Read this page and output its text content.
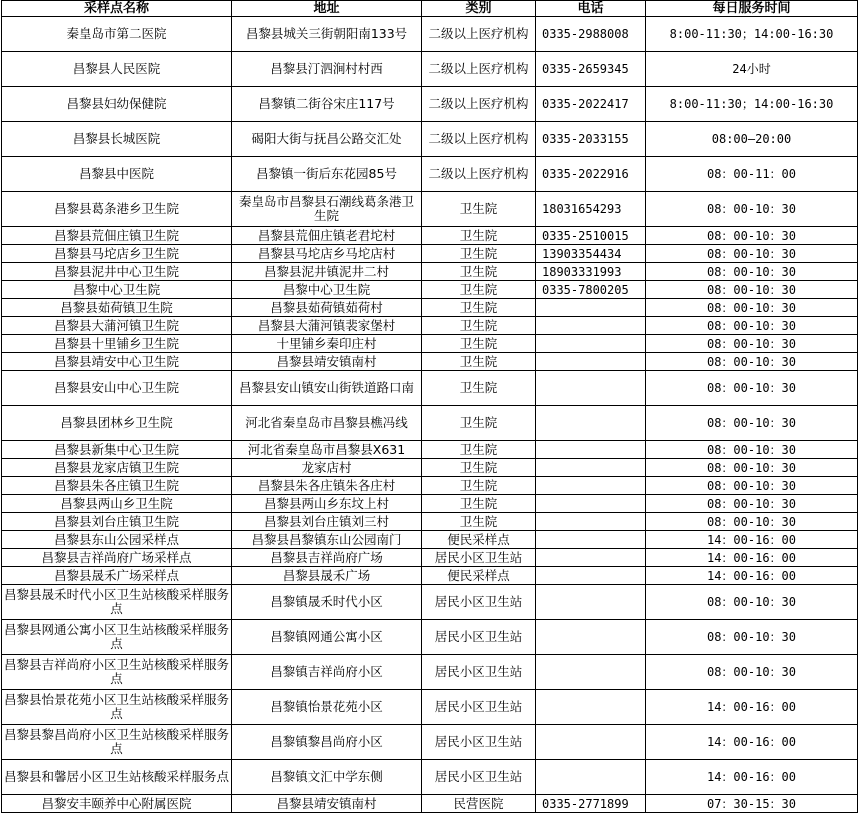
采样点名称	地址	类别	电话	每日服务时间
秦皇岛市第二医院	昌黎县城关三街朝阳南133号	二级以上医疗机构	0335-2988008	8:00-11:30；14:00-16:30
昌黎县人民医院	昌黎县汀泗涧村村西	二级以上医疗机构	0335-2659345	24小时
昌黎县妇幼保健院	昌黎镇二街谷宋庄117号	二级以上医疗机构	0335-2022417	8:00-11:30；14:00-16:30
昌黎县长城医院	碣阳大街与抚昌公路交汇处	二级以上医疗机构	0335-2033155	08:00—20:00
昌黎县中医院	昌黎镇一街后东花园85号	二级以上医疗机构	0335-2022916	08：00-11：00
昌黎县葛条港乡卫生院	秦皇岛市昌黎县石潮线葛条港卫生院	卫生院	18031654293	08：00-10：30
昌黎县荒佃庄镇卫生院	昌黎县荒佃庄镇老君坨村	卫生院	0335-2510015	08：00-10：30
昌黎县马坨店乡卫生院	昌黎县马坨店乡马坨店村	卫生院	13903354434	08：00-10：30
昌黎县泥井中心卫生院	昌黎县泥井镇泥井二村	卫生院	18903331993	08：00-10：30
昌黎中心卫生院	昌黎中心卫生院	卫生院	0335-7800205	08：00-10：30
昌黎县茹荷镇卫生院	昌黎县茹荷镇茹荷村	卫生院		08：00-10：30
昌黎县大蒲河镇卫生院	昌黎县大蒲河镇裴家堡村	卫生院		08：00-10：30
昌黎县十里铺乡卫生院	十里铺乡秦印庄村	卫生院		08：00-10：30
昌黎县靖安中心卫生院	昌黎县靖安镇南村	卫生院		08：00-10：30
昌黎县安山中心卫生院	昌黎县安山镇安山街铁道路口南	卫生院		08：00-10：30
昌黎县团林乡卫生院	河北省秦皇岛市昌黎县樵冯线	卫生院		08：00-10：30
昌黎县新集中心卫生院	河北省秦皇岛市昌黎县X631	卫生院		08：00-10：30
昌黎县龙家店镇卫生院	龙家店村	卫生院		08：00-10：30
昌黎县朱各庄镇卫生院	昌黎县朱各庄镇朱各庄村	卫生院		08：00-10：30
昌黎县两山乡卫生院	昌黎县两山乡东坟上村	卫生院		08：00-10：30
昌黎县刘台庄镇卫生院	昌黎县刘台庄镇刘三村	卫生院		08：00-10：30
昌黎县东山公园采样点	昌黎县昌黎镇东山公园南门	便民采样点		14：00-16：00
昌黎县吉祥尚府广场采样点	昌黎县吉祥尚府广场	居民小区卫生站		14：00-16：00
昌黎县晟禾广场采样点	昌黎县晟禾广场	便民采样点		14：00-16：00
昌黎县晟禾时代小区卫生站核酸采样服务点	昌黎镇晟禾时代小区	居民小区卫生站		08：00-10：30
昌黎县网通公寓小区卫生站核酸采样服务点	昌黎镇网通公寓小区	居民小区卫生站		08：00-10：30
昌黎县吉祥尚府小区卫生站核酸采样服务点	昌黎镇吉祥尚府小区	居民小区卫生站		08：00-10：30
昌黎县怡景花苑小区卫生站核酸采样服务点	昌黎镇怡景花苑小区	居民小区卫生站		14：00-16：00
昌黎县黎昌尚府小区卫生站核酸采样服务点	昌黎镇黎昌尚府小区	居民小区卫生站		14：00-16：00
昌黎县和馨居小区卫生站核酸采样服务点	昌黎镇文汇中学东侧	居民小区卫生站		14：00-16：00
昌黎安丰颐养中心附属医院	昌黎县靖安镇南村	民营医院	0335-2771899	07：30-15：30
